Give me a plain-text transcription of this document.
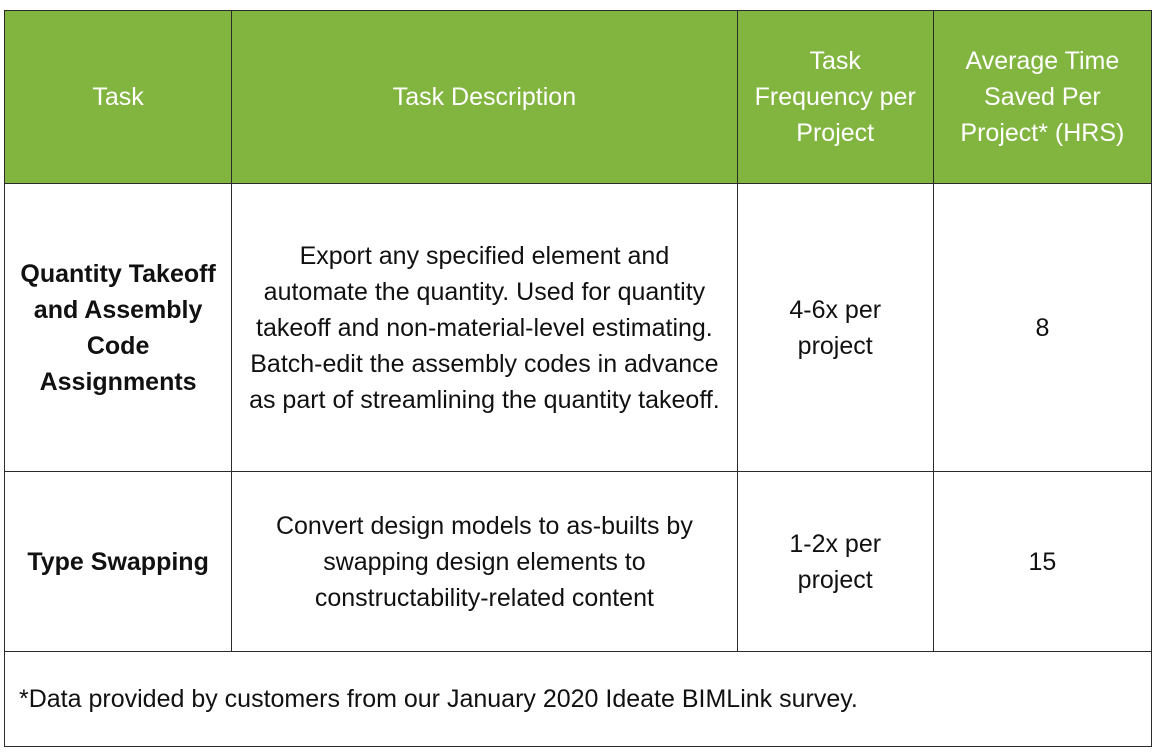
Task	Task Description	Task Frequency per Project	Average Time Saved Per Project* (HRS)
Quantity Takeoff and Assembly Code Assignments	Export any specified element and automate the quantity. Used for quantity takeoff and non-material-level estimating. Batch-edit the assembly codes in advance as part of streamlining the quantity takeoff.	4-6x per project	8
Type Swapping	Convert design models to as-builts by swapping design elements to constructability-related content	1-2x per project	15
*Data provided by customers from our January 2020 Ideate BIMLink survey.			
